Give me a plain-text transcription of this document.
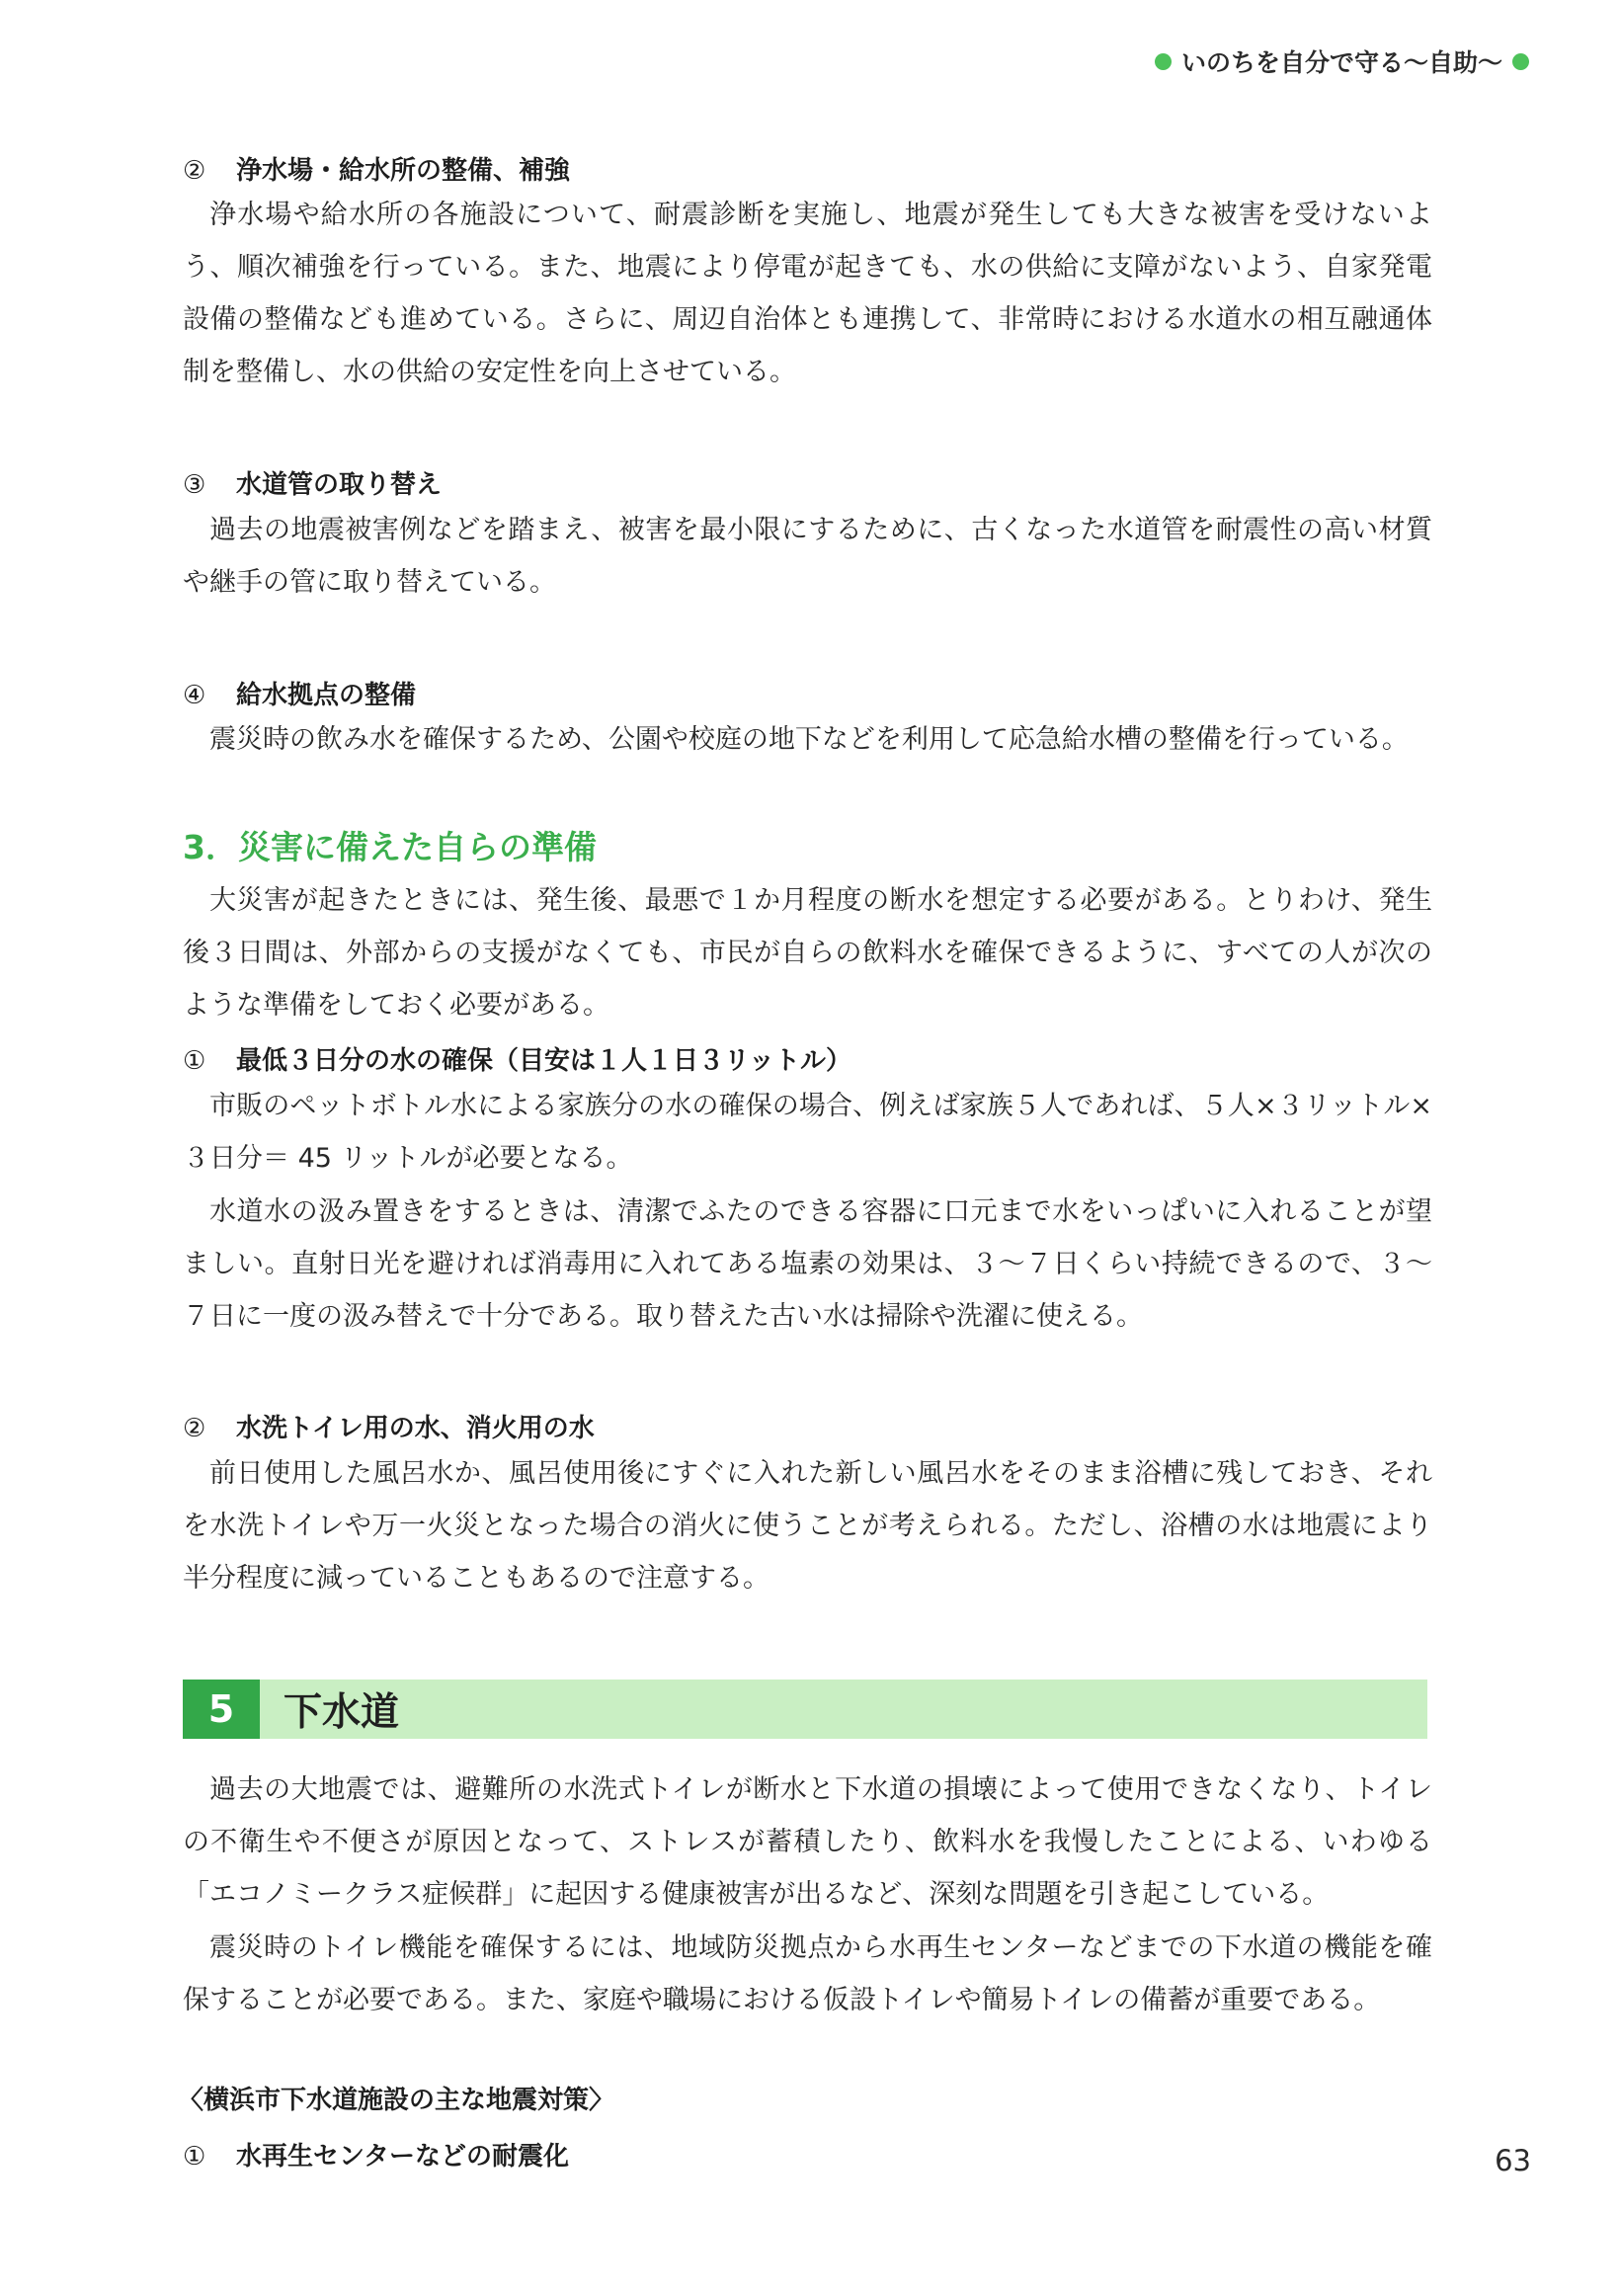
いのちを自分で守る〜自助〜
② 浄水場・給水所の整備、補強

浄水場や給水所の各施設について、耐震診断を実施し、地震が発生しても大きな被害を受けないよう、順次補強を行っている。また、地震により停電が起きても、水の供給に支障がないよう、自家発電設備の整備なども進めている。さらに、周辺自治体とも連携して、非常時における水道水の相互融通体制を整備し、水の供給の安定性を向上させている。

③ 水道管の取り替え

過去の地震被害例などを踏まえ、被害を最小限にするために、古くなった水道管を耐震性の高い材質や継手の管に取り替えている。

④ 給水拠点の整備

震災時の飲み水を確保するため、公園や校庭の地下などを利用して応急給水槽の整備を行っている。

3．災害に備えた自らの準備

大災害が起きたときには、発生後、最悪で１か月程度の断水を想定する必要がある。とりわけ、発生後３日間は、外部からの支援がなくても、市民が自らの飲料水を確保できるように、すべての人が次のような準備をしておく必要がある。

① 最低３日分の水の確保（目安は１人１日３リットル）

市販のペットボトル水による家族分の水の確保の場合、例えば家族５人であれば、５人×３リットル×３日分＝ 45 リットルが必要となる。

水道水の汲み置きをするときは、清潔でふたのできる容器に口元まで水をいっぱいに入れることが望ましい。直射日光を避ければ消毒用に入れてある塩素の効果は、３〜７日くらい持続できるので、３〜７日に一度の汲み替えで十分である。取り替えた古い水は掃除や洗濯に使える。

② 水洗トイレ用の水、消火用の水

前日使用した風呂水か、風呂使用後にすぐに入れた新しい風呂水をそのまま浴槽に残しておき、それを水洗トイレや万一火災となった場合の消火に使うことが考えられる。ただし、浴槽の水は地震により半分程度に減っていることもあるので注意する。

5	下水道

過去の大地震では、避難所の水洗式トイレが断水と下水道の損壊によって使用できなくなり、トイレの不衛生や不便さが原因となって、ストレスが蓄積したり、飲料水を我慢したことによる、いわゆる「エコノミークラス症候群」に起因する健康被害が出るなど、深刻な問題を引き起こしている。

震災時のトイレ機能を確保するには、地域防災拠点から水再生センターなどまでの下水道の機能を確保することが必要である。また、家庭や職場における仮設トイレや簡易トイレの備蓄が重要である。

〈横浜市下水道施設の主な地震対策〉
① 水再生センターなどの耐震化	63
